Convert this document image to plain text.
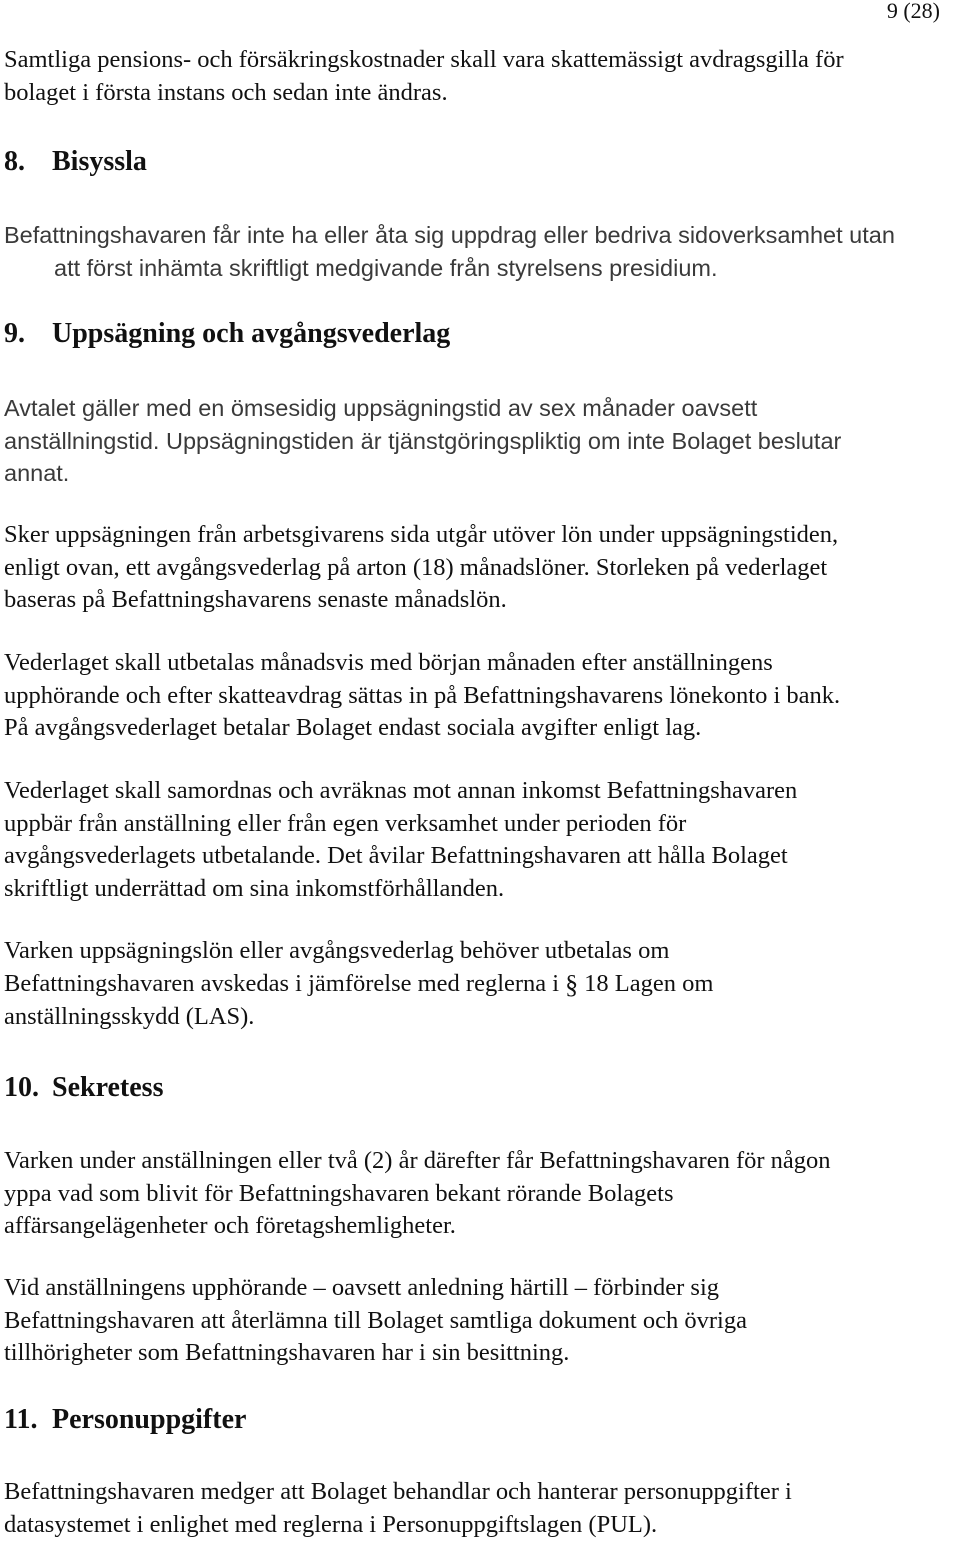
9 (28)
Samtliga pensions- och försäkringskostnader skall vara skattemässigt avdragsgilla för
bolaget i första instans och sedan inte ändras.
8. Bisyssla
Befattningshavaren får inte ha eller åta sig uppdrag eller bedriva sidoverksamhet utan
att först inhämta skriftligt medgivande från styrelsens presidium.
9. Uppsägning och avgångsvederlag
Avtalet gäller med en ömsesidig uppsägningstid av sex månader oavsett
anställningstid. Uppsägningstiden är tjänstgöringspliktig om inte Bolaget beslutar
annat.
Sker uppsägningen från arbetsgivarens sida utgår utöver lön under uppsägningstiden,
enligt ovan, ett avgångsvederlag på arton (18) månadslöner. Storleken på vederlaget
baseras på Befattningshavarens senaste månadslön.
Vederlaget skall utbetalas månadsvis med början månaden efter anställningens
upphörande och efter skatteavdrag sättas in på Befattningshavarens lönekonto i bank.
På avgångsvederlaget betalar Bolaget endast sociala avgifter enligt lag.
Vederlaget skall samordnas och avräknas mot annan inkomst Befattningshavaren
uppbär från anställning eller från egen verksamhet under perioden för
avgångsvederlagets utbetalande. Det åvilar Befattningshavaren att hålla Bolaget
skriftligt underrättad om sina inkomstförhållanden.
Varken uppsägningslön eller avgångsvederlag behöver utbetalas om
Befattningshavaren avskedas i jämförelse med reglerna i § 18 Lagen om
anställningsskydd (LAS).
10. Sekretess
Varken under anställningen eller två (2) år därefter får Befattningshavaren för någon
yppa vad som blivit för Befattningshavaren bekant rörande Bolagets
affärsangelägenheter och företagshemligheter.
Vid anställningens upphörande – oavsett anledning härtill – förbinder sig
Befattningshavaren att återlämna till Bolaget samtliga dokument och övriga
tillhörigheter som Befattningshavaren har i sin besittning.
11. Personuppgifter
Befattningshavaren medger att Bolaget behandlar och hanterar personuppgifter i
datasystemet i enlighet med reglerna i Personuppgiftslagen (PUL).
